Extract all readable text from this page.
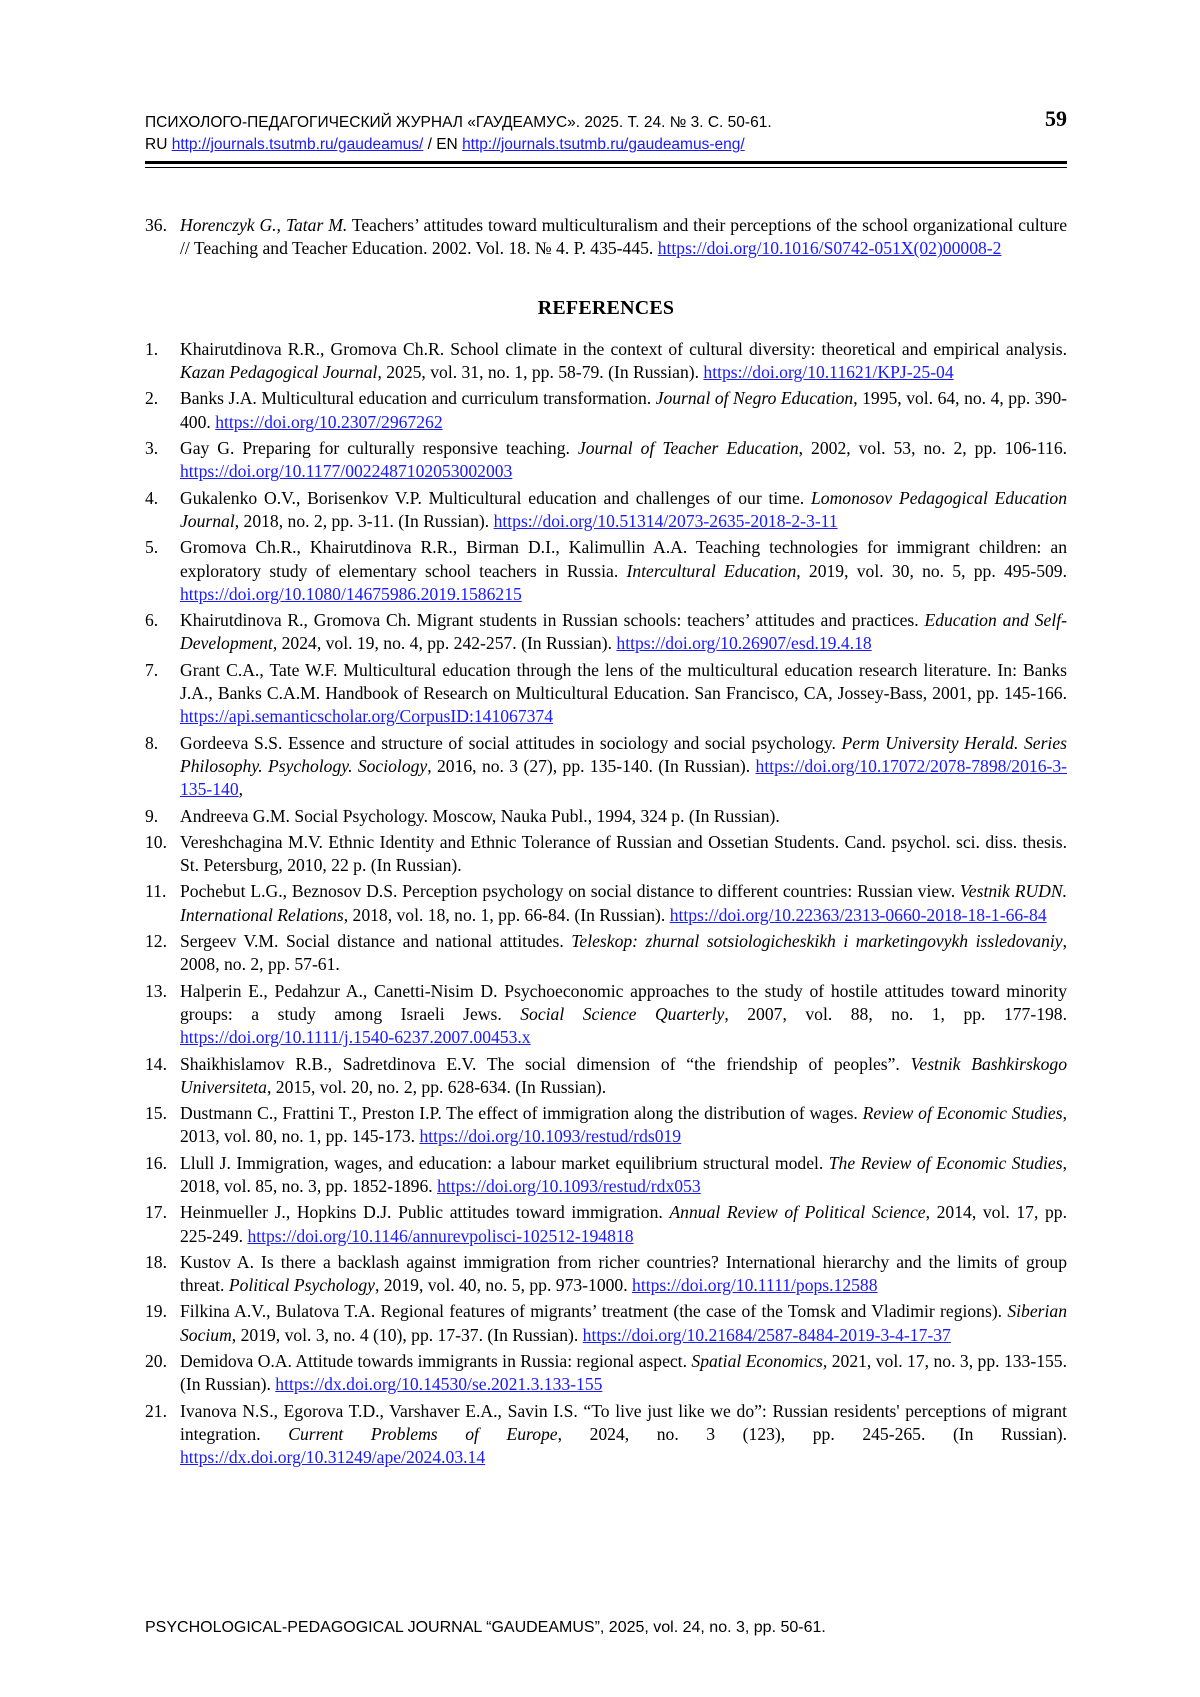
ПСИХОЛОГО-ПЕДАГОГИЧЕСКИЙ ЖУРНАЛ «ГАУДЕАМУС». 2025. Т. 24. № 3. С. 50-61.
RU http://journals.tsutmb.ru/gaudeamus/ / EN http://journals.tsutmb.ru/gaudeamus-eng/
59
36. Horenczyk G., Tatar M. Teachers’ attitudes toward multiculturalism and their perceptions of the school organizational culture // Teaching and Teacher Education. 2002. Vol. 18. № 4. P. 435-445. https://doi.org/10.1016/S0742-051X(02)00008-2
REFERENCES
1.	Khairutdinova R.R., Gromova Ch.R. School climate in the context of cultural diversity: theoretical and empirical analysis. Kazan Pedagogical Journal, 2025, vol. 31, no. 1, pp. 58-79. (In Russian). https://doi.org/10.11621/KPJ-25-04
2.	Banks J.A. Multicultural education and curriculum transformation. Journal of Negro Education, 1995, vol. 64, no. 4, pp. 390-400. https://doi.org/10.2307/2967262
3.	Gay G. Preparing for culturally responsive teaching. Journal of Teacher Education, 2002, vol. 53, no. 2, pp. 106-116. https://doi.org/10.1177/0022487102053002003
4.	Gukalenko O.V., Borisenkov V.P. Multicultural education and challenges of our time. Lomonosov Pedagogical Education Journal, 2018, no. 2, pp. 3-11. (In Russian). https://doi.org/10.51314/2073-2635-2018-2-3-11
5.	Gromova Ch.R., Khairutdinova R.R., Birman D.I., Kalimullin A.A. Teaching technologies for immigrant children: an exploratory study of elementary school teachers in Russia. Intercultural Education, 2019, vol. 30, no. 5, pp. 495-509. https://doi.org/10.1080/14675986.2019.1586215
6.	Khairutdinova R., Gromova Ch. Migrant students in Russian schools: teachers’ attitudes and practices. Education and Self-Development, 2024, vol. 19, no. 4, pp. 242-257. (In Russian). https://doi.org/10.26907/esd.19.4.18
7.	Grant C.A., Tate W.F. Multicultural education through the lens of the multicultural education research literature. In: Banks J.A., Banks C.A.M. Handbook of Research on Multicultural Education. San Francisco, CA, Jossey-Bass, 2001, pp. 145-166. https://api.semanticscholar.org/CorpusID:141067374
8.	Gordeeva S.S. Essence and structure of social attitudes in sociology and social psychology. Perm University Herald. Series Philosophy. Psychology. Sociology, 2016, no. 3 (27), pp. 135-140. (In Russian). https://doi.org/10.17072/2078-7898/2016-3-135-140,
9.	Andreeva G.M. Social Psychology. Moscow, Nauka Publ., 1994, 324 p. (In Russian).
10. Vereshchagina M.V. Ethnic Identity and Ethnic Tolerance of Russian and Ossetian Students. Cand. psychol. sci. diss. thesis. St. Petersburg, 2010, 22 p. (In Russian).
11. Pochebut L.G., Beznosov D.S. Perception psychology on social distance to different countries: Russian view. Vestnik RUDN. International Relations, 2018, vol. 18, no. 1, pp. 66-84. (In Russian). https://doi.org/10.22363/2313-0660-2018-18-1-66-84
12. Sergeev V.M. Social distance and national attitudes. Teleskop: zhurnal sotsiologicheskikh i marketingovykh issledovaniy, 2008, no. 2, pp. 57-61.
13. Halperin E., Pedahzur A., Canetti-Nisim D. Psychoeconomic approaches to the study of hostile attitudes toward minority groups: a study among Israeli Jews. Social Science Quarterly, 2007, vol. 88, no. 1, pp. 177-198. https://doi.org/10.1111/j.1540-6237.2007.00453.x
14. Shaikhislamov R.B., Sadretdinova E.V. The social dimension of “the friendship of peoples”. Vestnik Bashkirskogo Universiteta, 2015, vol. 20, no. 2, pp. 628-634. (In Russian).
15. Dustmann C., Frattini T., Preston I.P. The effect of immigration along the distribution of wages. Review of Economic Studies, 2013, vol. 80, no. 1, pp. 145-173. https://doi.org/10.1093/restud/rds019
16. Llull J. Immigration, wages, and education: a labour market equilibrium structural model. The Review of Economic Studies, 2018, vol. 85, no. 3, pp. 1852-1896. https://doi.org/10.1093/restud/rdx053
17. Heinmueller J., Hopkins D.J. Public attitudes toward immigration. Annual Review of Political Science, 2014, vol. 17, pp. 225-249. https://doi.org/10.1146/annurevpolisci-102512-194818
18. Kustov A. Is there a backlash against immigration from richer countries? International hierarchy and the limits of group threat. Political Psychology, 2019, vol. 40, no. 5, pp. 973-1000. https://doi.org/10.1111/pops.12588
19. Filkina A.V., Bulatova T.A. Regional features of migrants’ treatment (the case of the Tomsk and Vladimir regions). Siberian Socium, 2019, vol. 3, no. 4 (10), pp. 17-37. (In Russian). https://doi.org/10.21684/2587-8484-2019-3-4-17-37
20. Demidova O.A. Attitude towards immigrants in Russia: regional aspect. Spatial Economics, 2021, vol. 17, no. 3, pp. 133-155. (In Russian). https://dx.doi.org/10.14530/se.2021.3.133-155
21. Ivanova N.S., Egorova T.D., Varshaver E.A., Savin I.S. “To live just like we do”: Russian residents' perceptions of migrant integration. Current Problems of Europe, 2024, no. 3 (123), pp. 245-265. (In Russian). https://dx.doi.org/10.31249/ape/2024.03.14
PSYCHOLOGICAL-PEDAGOGICAL JOURNAL “GAUDEAMUS”, 2025, vol. 24, no. 3, pp. 50-61.
